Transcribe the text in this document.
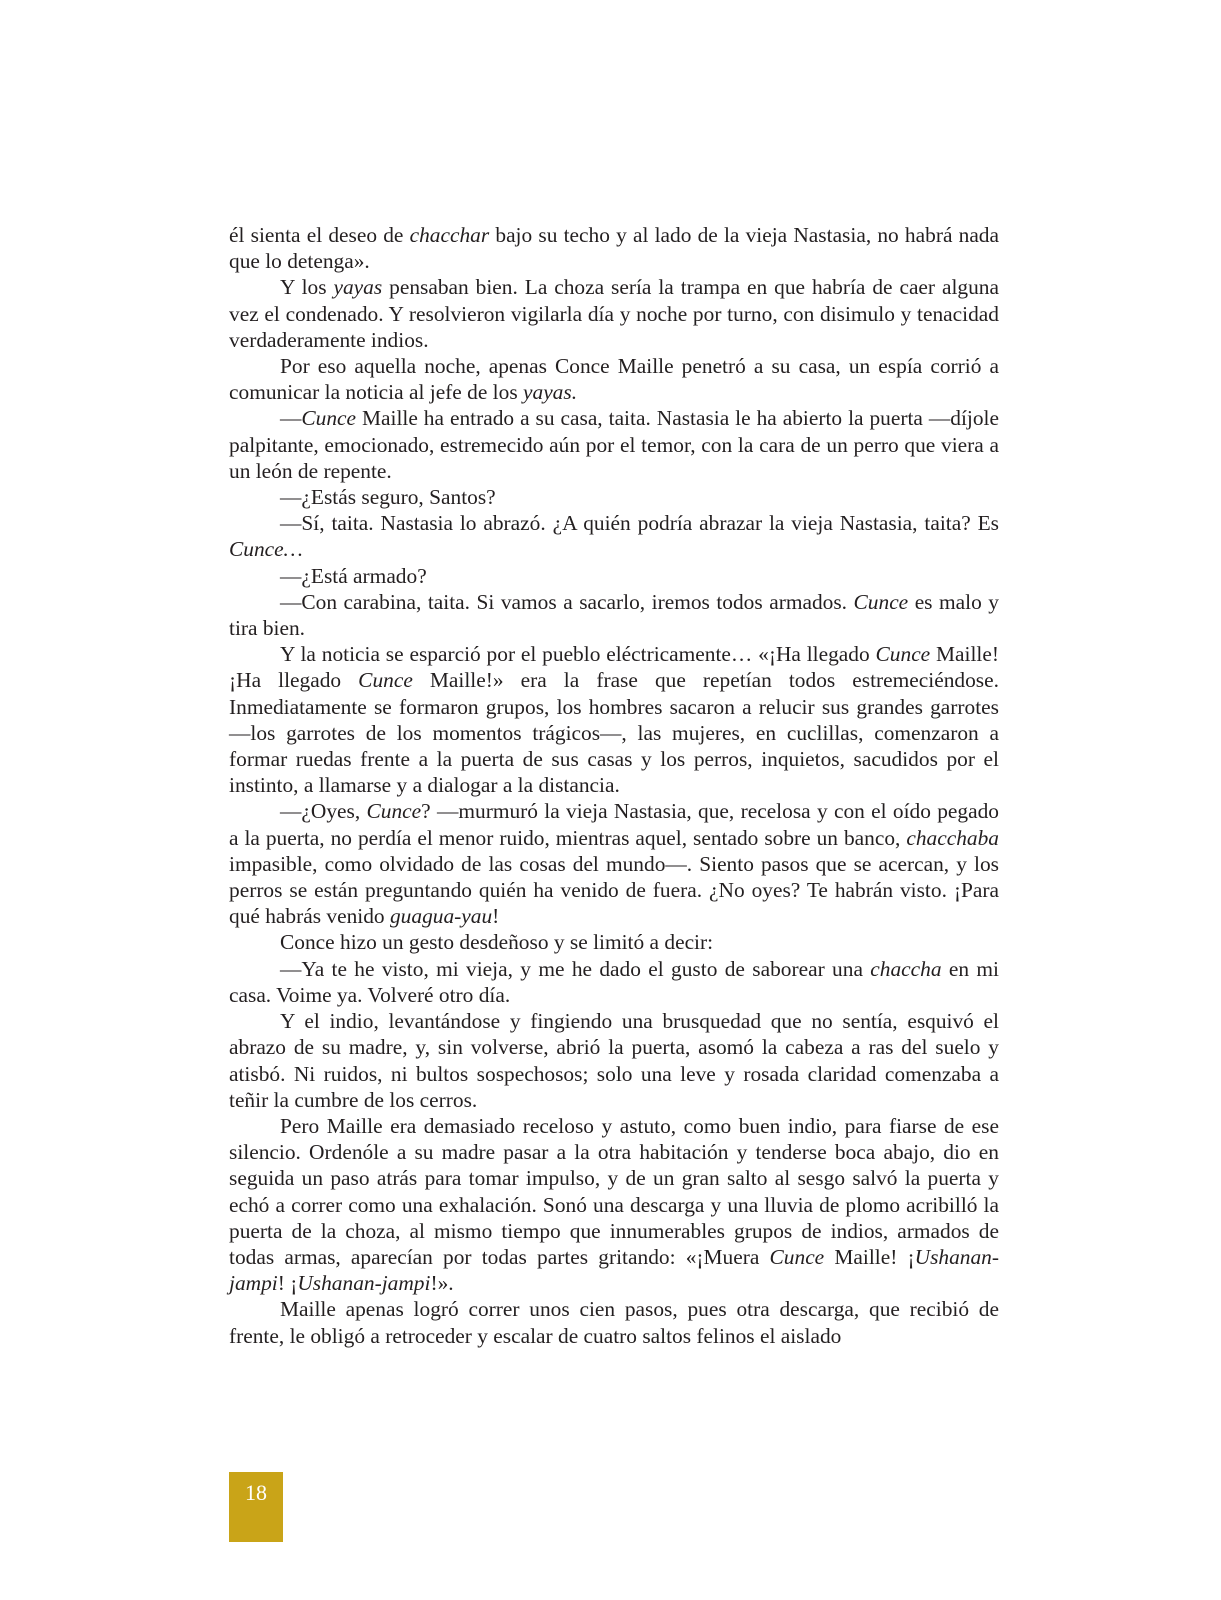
él sienta el deseo de chacchar bajo su techo y al lado de la vieja Nastasia, no habrá nada que lo detenga».

Y los yayas pensaban bien. La choza sería la trampa en que habría de caer alguna vez el condenado. Y resolvieron vigilarla día y noche por turno, con disimulo y tenacidad verdaderamente indios.

Por eso aquella noche, apenas Conce Maille penetró a su casa, un espía corrió a comunicar la noticia al jefe de los yayas.

—Cunce Maille ha entrado a su casa, taita. Nastasia le ha abierto la puerta —díjole palpitante, emocionado, estremecido aún por el temor, con la cara de un perro que viera a un león de repente.

—¿Estás seguro, Santos?

—Sí, taita. Nastasia lo abrazó. ¿A quién podría abrazar la vieja Nastasia, taita? Es Cunce…

—¿Está armado?

—Con carabina, taita. Si vamos a sacarlo, iremos todos armados. Cunce es malo y tira bien.

Y la noticia se esparció por el pueblo eléctricamente… «¡Ha llegado Cunce Maille! ¡Ha llegado Cunce Maille!» era la frase que repetían todos estremeciéndose. Inmediatamente se formaron grupos, los hombres sacaron a relucir sus grandes garrotes —los garrotes de los momentos trágicos—, las mujeres, en cuclillas, comenzaron a formar ruedas frente a la puerta de sus casas y los perros, inquietos, sacudidos por el instinto, a llamarse y a dialogar a la distancia.

—¿Oyes, Cunce? —murmuró la vieja Nastasia, que, recelosa y con el oído pegado a la puerta, no perdía el menor ruido, mientras aquel, sentado sobre un banco, chacchaba impasible, como olvidado de las cosas del mundo—. Siento pasos que se acercan, y los perros se están preguntando quién ha venido de fuera. ¿No oyes? Te habrán visto. ¡Para qué habrás venido guagua-yau!

Conce hizo un gesto desdeñoso y se limitó a decir:

—Ya te he visto, mi vieja, y me he dado el gusto de saborear una chaccha en mi casa. Voime ya. Volveré otro día.

Y el indio, levantándose y fingiendo una brusquedad que no sentía, esquivó el abrazo de su madre, y, sin volverse, abrió la puerta, asomó la cabeza a ras del suelo y atisbó. Ni ruidos, ni bultos sospechosos; solo una leve y rosada claridad comenzaba a teñir la cumbre de los cerros.

Pero Maille era demasiado receloso y astuto, como buen indio, para fiarse de ese silencio. Ordenóle a su madre pasar a la otra habitación y tenderse boca abajo, dio en seguida un paso atrás para tomar impulso, y de un gran salto al sesgo salvó la puerta y echó a correr como una exhalación. Sonó una descarga y una lluvia de plomo acribilló la puerta de la choza, al mismo tiempo que innumerables grupos de indios, armados de todas armas, aparecían por todas partes gritando: «¡Muera Cunce Maille! ¡Ushanan-jampi! ¡Ushanan-jampi!».

Maille apenas logró correr unos cien pasos, pues otra descarga, que recibió de frente, le obligó a retroceder y escalar de cuatro saltos felinos el aislado

18
